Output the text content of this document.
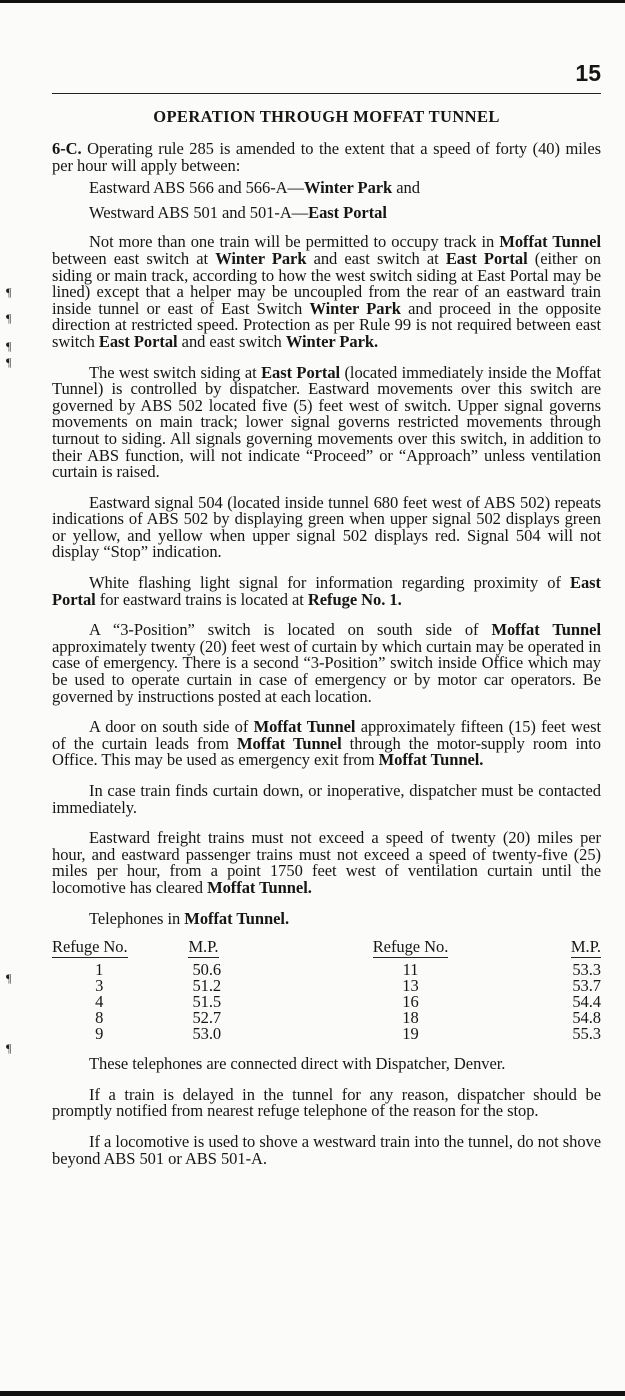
15
¶
¶
¶
¶
¶
¶
OPERATION THROUGH MOFFAT TUNNEL

6-C. Operating rule 285 is amended to the extent that a speed of forty (40) miles per hour will apply between:

Eastward ABS 566 and 566-A—Winter Park and
Westward ABS 501 and 501-A—East Portal

Not more than one train will be permitted to occupy track in Moffat Tunnel between east switch at Winter Park and east switch at East Portal (either on siding or main track, according to how the west switch siding at East Portal may be lined) except that a helper may be uncoupled from the rear of an eastward train inside tunnel or east of East Switch Winter Park and proceed in the opposite direction at restricted speed. Protection as per Rule 99 is not required between east switch East Portal and east switch Winter Park.

The west switch siding at East Portal (located immediately inside the Moffat Tunnel) is controlled by dispatcher. Eastward movements over this switch are governed by ABS 502 located five (5) feet west of switch. Upper signal governs movements on main track; lower signal governs restricted movements through turnout to siding. All signals governing movements over this switch, in addition to their ABS function, will not indicate “Proceed” or “Approach” unless ventilation curtain is raised.

Eastward signal 504 (located inside tunnel 680 feet west of ABS 502) repeats indications of ABS 502 by displaying green when upper signal 502 displays green or yellow, and yellow when upper signal 502 displays red. Signal 504 will not display “Stop” indication.

White flashing light signal for information regarding proximity of East Portal for eastward trains is located at Refuge No. 1.

A “3-Position” switch is located on south side of Moffat Tunnel approximately twenty (20) feet west of curtain by which curtain may be operated in case of emergency. There is a second “3-Position” switch inside Office which may be used to operate curtain in case of emergency or by motor car operators. Be governed by instructions posted at each location.

A door on south side of Moffat Tunnel approximately fifteen (15) feet west of the curtain leads from Moffat Tunnel through the motor-supply room into Office. This may be used as emergency exit from Moffat Tunnel.

In case train finds curtain down, or inoperative, dispatcher must be contacted immediately.

Eastward freight trains must not exceed a speed of twenty (20) miles per hour, and eastward passenger trains must not exceed a speed of twenty-five (25) miles per hour, from a point 1750 feet west of ventilation curtain until the locomotive has cleared Moffat Tunnel.

Telephones in Moffat Tunnel.

Refuge No.	M.P.	Refuge No.	M.P.
1	50.6	11	53.3
3	51.2	13	53.7
4	51.5	16	54.4
8	52.7	18	54.8
9	53.0	19	55.3

These telephones are connected direct with Dispatcher, Denver.

If a train is delayed in the tunnel for any reason, dispatcher should be promptly notified from nearest refuge telephone of the reason for the stop.

If a locomotive is used to shove a westward train into the tunnel, do not shove beyond ABS 501 or ABS 501-A.
